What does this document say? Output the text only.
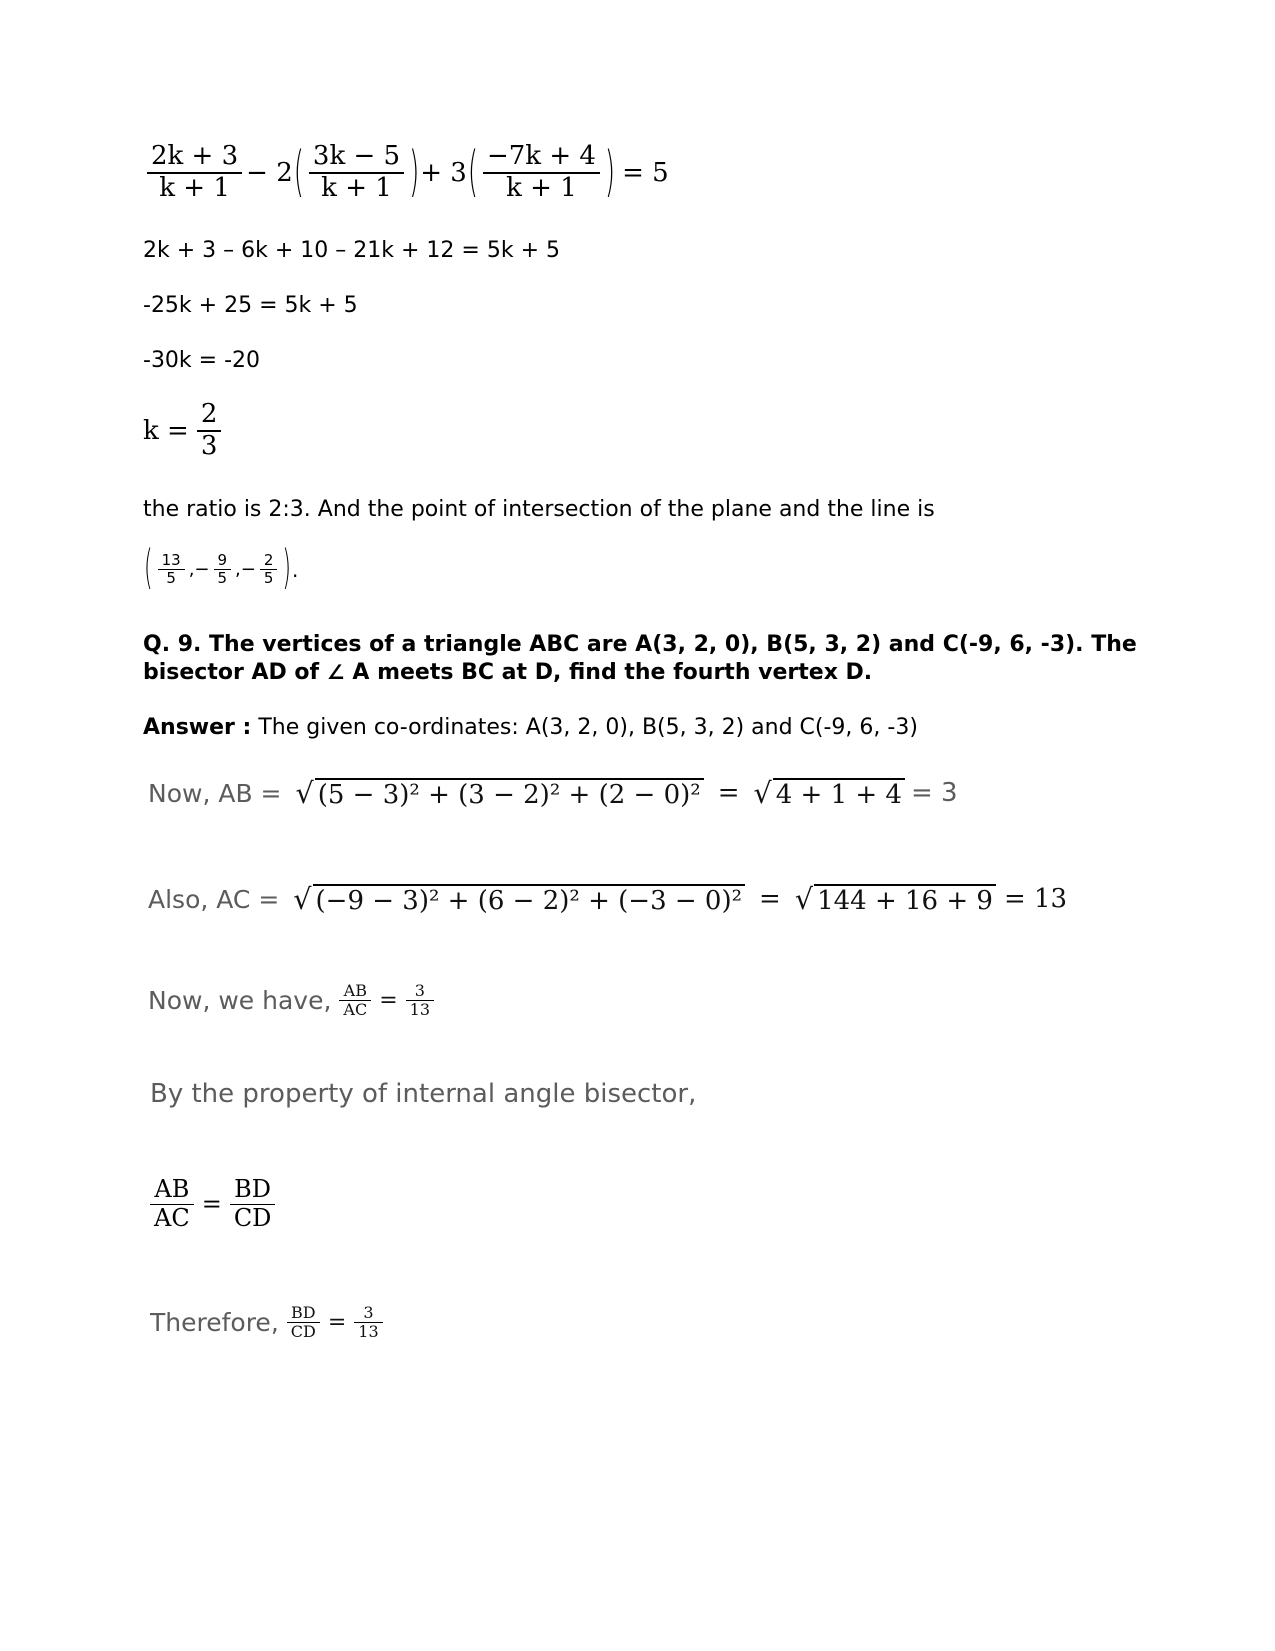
$\frac{2k + 3}{k + 1} - 2$ ( $\frac{3k - 5}{k + 1}$ ) + 3 ( $\frac{-7k + 4}{k + 1}$ ) = 5
2k + 3 – 6k + 10 – 21k + 12 = 5k + 5
-25k + 25 = 5k + 5
-30k = -20
$k = \frac{2}{3}$
the ratio is 2:3. And the point of intersection of the plane and the line is
( $\frac{13}{5}$ ,− $\frac{9}{5}$ ,− $\frac{2}{5}$ ) .
Q. 9. The vertices of a triangle ABC are A(3, 2, 0), B(5, 3, 2) and C(-9, 6, -3). The
bisector AD of ∠ A meets BC at D, find the fourth vertex D.
Answer : The given co-ordinates: A(3, 2, 0), B(5, 3, 2) and C(-9, 6, -3)
Now, AB = √ (5 − 3)² + (3 − 2)² + (2 − 0)² = √ 4 + 1 + 4 = 3
Also, AC = √ (−9 − 3)² + (6 − 2)² + (−3 − 0)² = √ 144 + 16 + 9 = 13
Now, we have, $\frac{AB}{AC} = \frac{3}{13}$
By the property of internal angle bisector,
$\frac{AB}{AC} = \frac{BD}{CD}$
Therefore, $\frac{BD}{CD} = \frac{3}{13}$
